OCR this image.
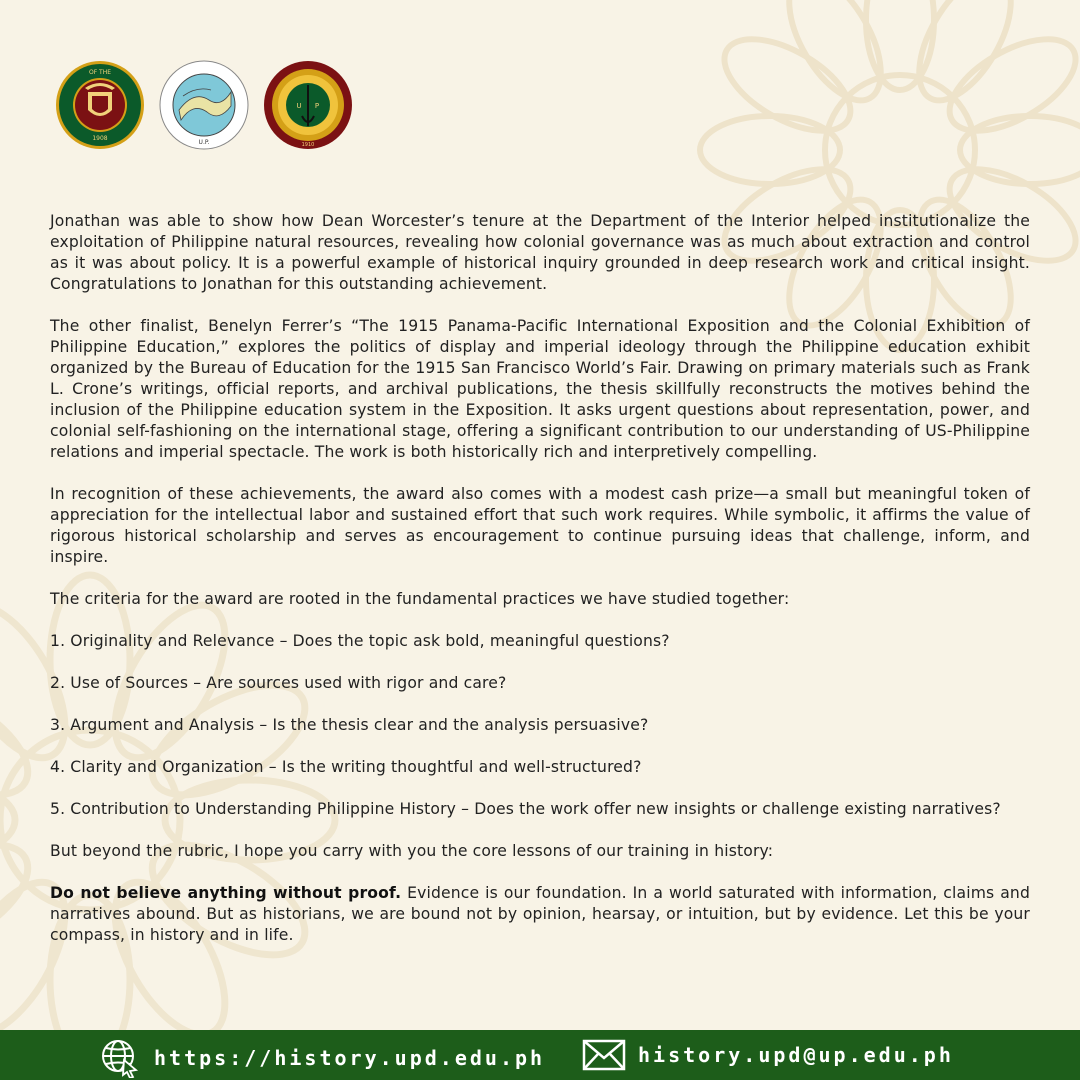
1908
OF THE
U.P.
U P
1910

Jonathan was able to show how Dean Worcester’s tenure at the Department of the Interior helped institutionalize the exploitation of Philippine natural resources, revealing how colonial governance was as much about extraction and control as it was about policy. It is a powerful example of historical inquiry grounded in deep research work and critical insight. Congratulations to Jonathan for this outstanding achievement.

The other finalist, Benelyn Ferrer’s “The 1915 Panama-Pacific International Exposition and the Colonial Exhibition of Philippine Education,” explores the politics of display and imperial ideology through the Philippine education exhibit organized by the Bureau of Education for the 1915 San Francisco World’s Fair. Drawing on primary materials such as Frank L. Crone’s writings, official reports, and archival publications, the thesis skillfully reconstructs the motives behind the inclusion of the Philippine education system in the Exposition. It asks urgent questions about representation, power, and colonial self-fashioning on the international stage, offering a significant contribution to our understanding of US-Philippine relations and imperial spectacle. The work is both historically rich and interpretively compelling.

In recognition of these achievements, the award also comes with a modest cash prize—a small but meaningful token of appreciation for the intellectual labor and sustained effort that such work requires. While symbolic, it affirms the value of rigorous historical scholarship and serves as encouragement to continue pursuing ideas that challenge, inform, and inspire.

The criteria for the award are rooted in the fundamental practices we have studied together:

1. Originality and Relevance – Does the topic ask bold, meaningful questions?

2. Use of Sources – Are sources used with rigor and care?

3. Argument and Analysis – Is the thesis clear and the analysis persuasive?

4. Clarity and Organization – Is the writing thoughtful and well-structured?

5. Contribution to Understanding Philippine History – Does the work offer new insights or challenge existing narratives?

But beyond the rubric, I hope you carry with you the core lessons of our training in history:

Do not believe anything without proof. Evidence is our foundation. In a world saturated with information, claims and narratives abound. But as historians, we are bound not by opinion, hearsay, or intuition, but by evidence. Let this be your compass, in history and in life.

https://history.upd.edu.ph	history.upd@up.edu.ph
